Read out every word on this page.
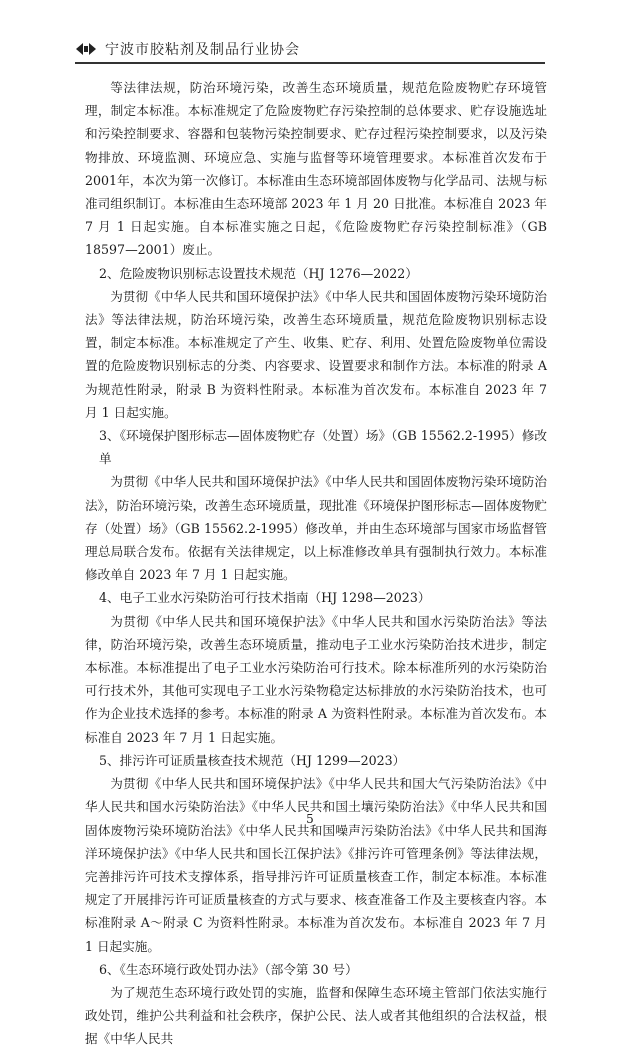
宁波市胶粘剂及制品行业协会

等法律法规，防治环境污染，改善生态环境质量，规范危险废物贮存环境管理，制定本标准。本标准规定了危险废物贮存污染控制的总体要求、贮存设施选址和污染控制要求、容器和包装物污染控制要求、贮存过程污染控制要求，以及污染物排放、环境监测、环境应急、实施与监督等环境管理要求。本标准首次发布于2001年，本次为第一次修订。本标准由生态环境部固体废物与化学品司、法规与标准司组织制订。本标准由生态环境部 2023 年 1 月 20 日批准。本标准自 2023 年 7 月 1 日起实施。自本标准实施之日起，《危险废物贮存污染控制标准》（GB 18597—2001）废止。

2、危险废物识别标志设置技术规范（HJ 1276—2022）

为贯彻《中华人民共和国环境保护法》《中华人民共和国固体废物污染环境防治法》等法律法规，防治环境污染，改善生态环境质量，规范危险废物识别标志设置，制定本标准。本标准规定了产生、收集、贮存、利用、处置危险废物单位需设置的危险废物识别标志的分类、内容要求、设置要求和制作方法。本标准的附录 A 为规范性附录，附录 B 为资料性附录。本标准为首次发布。本标准自 2023 年 7 月 1 日起实施。

3、《环境保护图形标志—固体废物贮存（处置）场》（GB 15562.2-1995）修改单

为贯彻《中华人民共和国环境保护法》《中华人民共和国固体废物污染环境防治法》，防治环境污染，改善生态环境质量，现批准《环境保护图形标志—固体废物贮存（处置）场》（GB 15562.2-1995）修改单，并由生态环境部与国家市场监督管理总局联合发布。依据有关法律规定，以上标准修改单具有强制执行效力。本标准修改单自 2023 年 7 月 1 日起实施。

4、电子工业水污染防治可行技术指南（HJ 1298—2023）

为贯彻《中华人民共和国环境保护法》《中华人民共和国水污染防治法》等法律，防治环境污染，改善生态环境质量，推动电子工业水污染防治技术进步，制定本标准。本标准提出了电子工业水污染防治可行技术。除本标准所列的水污染防治可行技术外，其他可实现电子工业水污染物稳定达标排放的水污染防治技术，也可作为企业技术选择的参考。本标准的附录 A 为资料性附录。本标准为首次发布。本标准自 2023 年 7 月 1 日起实施。

5、排污许可证质量核查技术规范（HJ 1299—2023）

为贯彻《中华人民共和国环境保护法》《中华人民共和国大气污染防治法》《中华人民共和国水污染防治法》《中华人民共和国土壤污染防治法》《中华人民共和国固体废物污染环境防治法》《中华人民共和国噪声污染防治法》《中华人民共和国海洋环境保护法》《中华人民共和国长江保护法》《排污许可管理条例》等法律法规，完善排污许可技术支撑体系，指导排污许可证质量核查工作，制定本标准。本标准规定了开展排污许可证质量核查的方式与要求、核查准备工作及主要核查内容。本标准附录 A～附录 C 为资料性附录。本标准为首次发布。本标准自 2023 年 7 月 1 日起实施。

6、《生态环境行政处罚办法》（部令第 30 号）

为了规范生态环境行政处罚的实施，监督和保障生态环境主管部门依法实施行政处罚，维护公共利益和社会秩序，保护公民、法人或者其他组织的合法权益，根据《中华人民共

5
